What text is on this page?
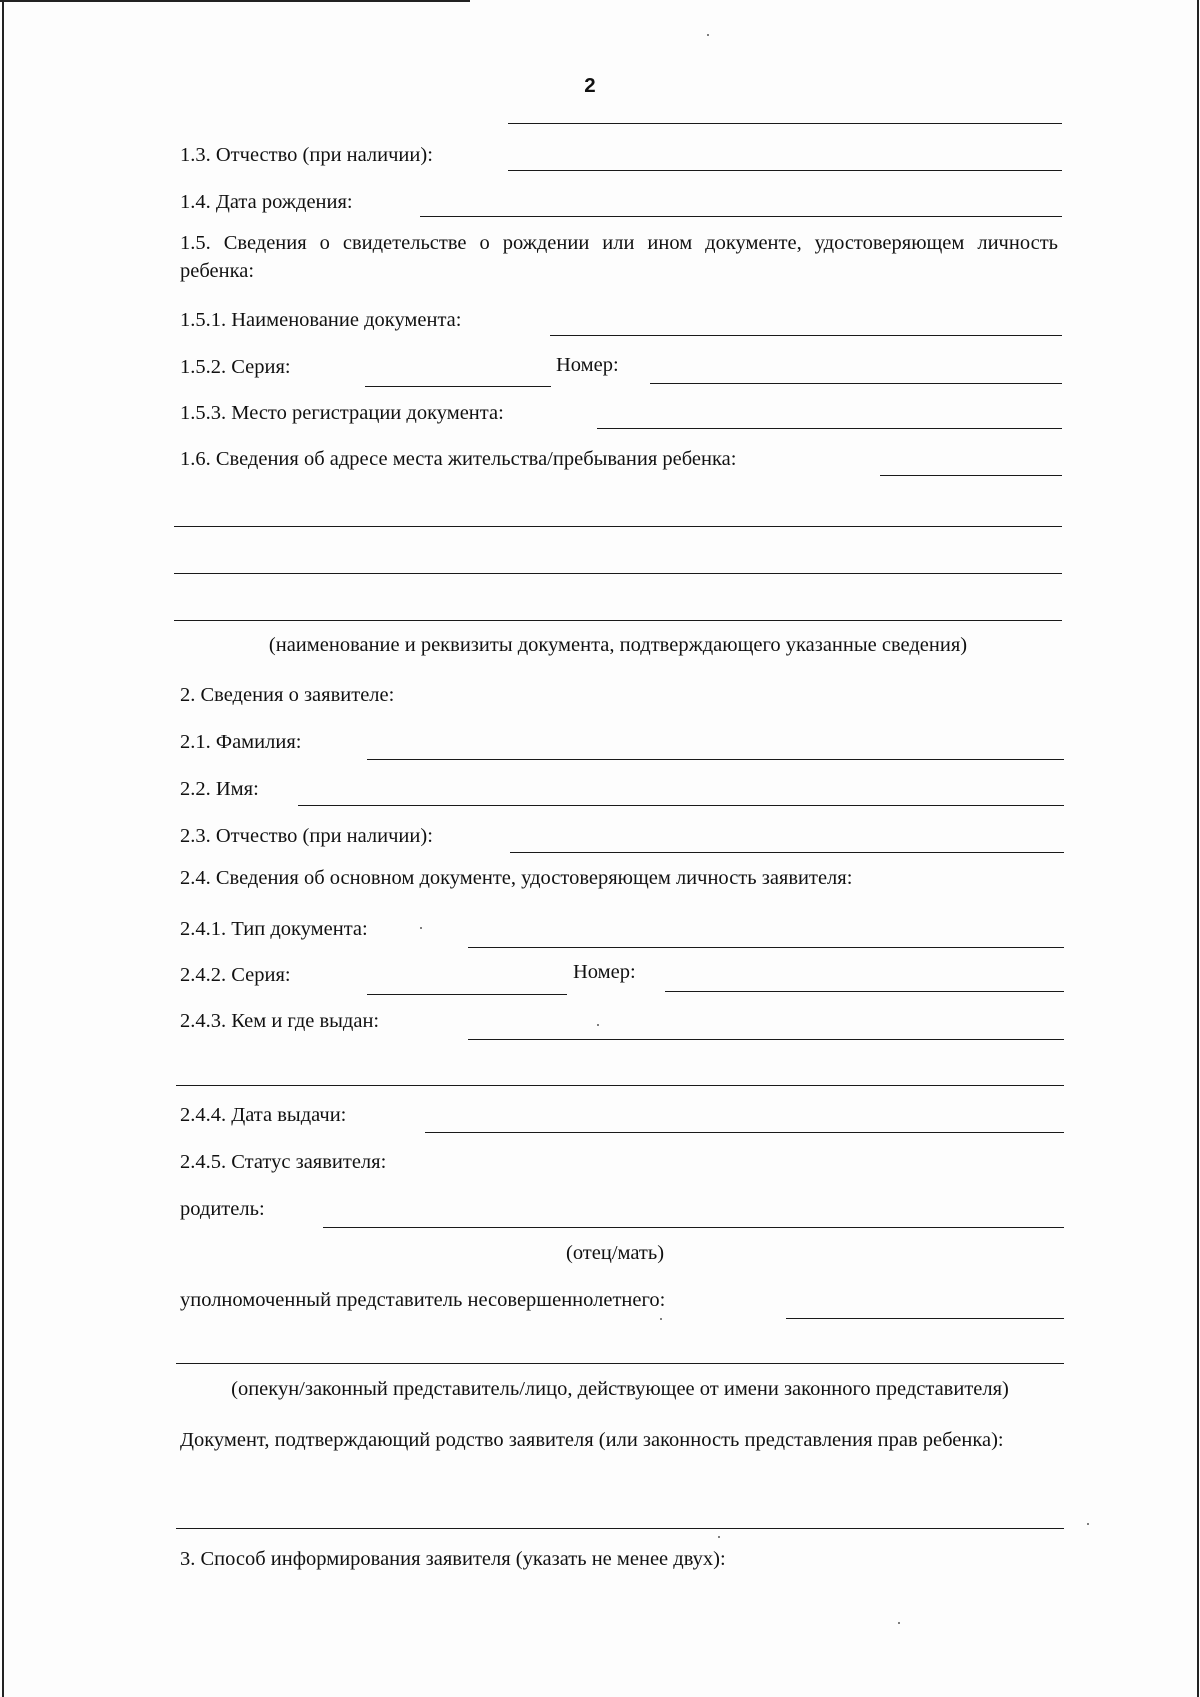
2
1.3. Отчество (при наличии):
1.4. Дата рождения:
1.5. Сведения о свидетельстве о рождении или ином документе, удостоверяющем личность ребенка:
1.5.1. Наименование документа:
1.5.2. Серия:	Номер:
1.5.3. Место регистрации документа:
1.6. Сведения об адресе места жительства/пребывания ребенка:
(наименование и реквизиты документа, подтверждающего указанные сведения)
2. Сведения о заявителе:
2.1. Фамилия:
2.2. Имя:
2.3. Отчество (при наличии):
2.4. Сведения об основном документе, удостоверяющем личность заявителя:
2.4.1. Тип документа:
2.4.2. Серия:	Номер:
2.4.3. Кем и где выдан:
2.4.4. Дата выдачи:
2.4.5. Статус заявителя:
родитель:
(отец/мать)
уполномоченный представитель несовершеннолетнего:
(опекун/законный представитель/лицо, действующее от имени законного представителя)
Документ, подтверждающий родство заявителя (или законность представления прав ребенка):
3. Способ информирования заявителя (указать не менее двух):
